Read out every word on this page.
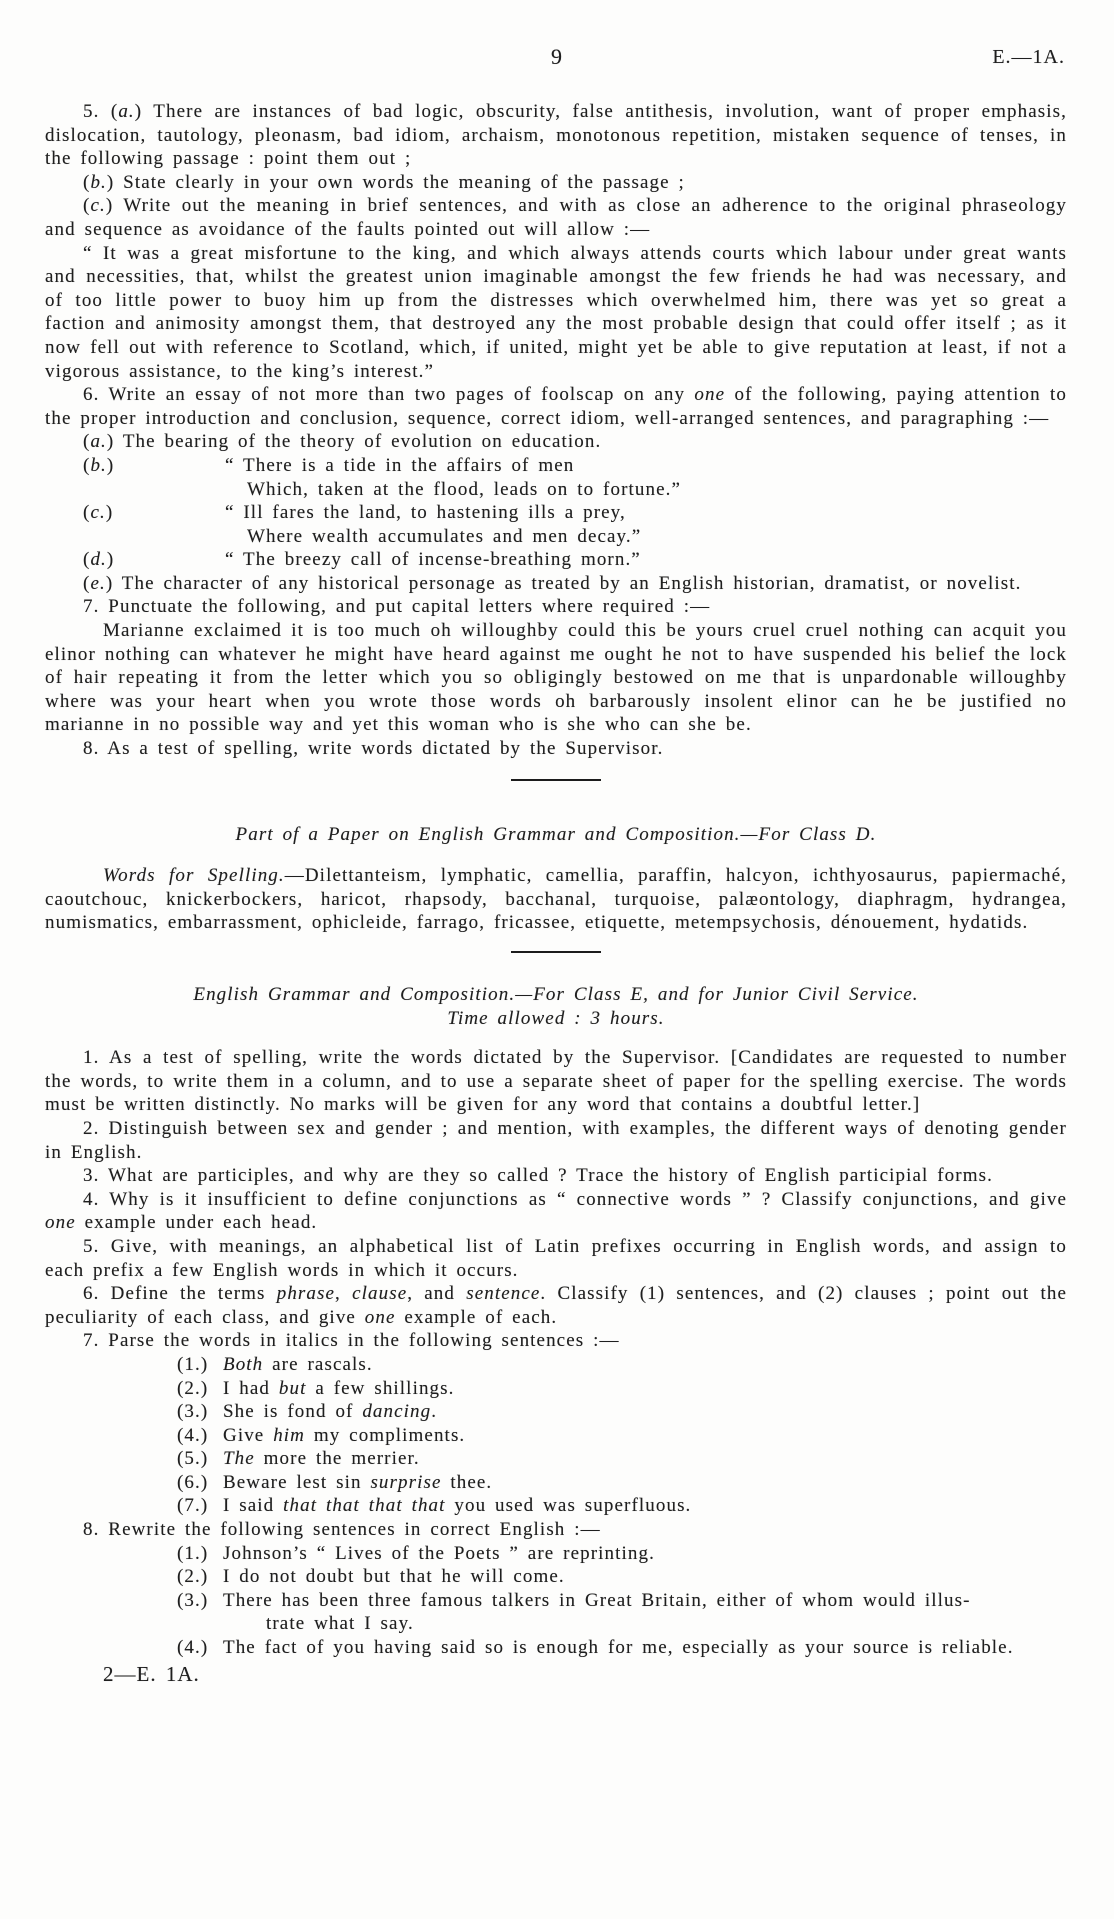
9	E.—1A.

5. (a.) There are instances of bad logic, obscurity, false antithesis, involution, want of proper emphasis, dislocation, tautology, pleonasm, bad idiom, archaism, monotonous repetition, mistaken sequence of tenses, in the following passage : point them out ;

(b.) State clearly in your own words the meaning of the passage ;

(c.) Write out the meaning in brief sentences, and with as close an adherence to the original phraseology and sequence as avoidance of the faults pointed out will allow :—

“ It was a great misfortune to the king, and which always attends courts which labour under great wants and necessities, that, whilst the greatest union imaginable amongst the few friends he had was necessary, and of too little power to buoy him up from the distresses which overwhelmed him, there was yet so great a faction and animosity amongst them, that destroyed any the most probable design that could offer itself ; as it now fell out with reference to Scotland, which, if united, might yet be able to give reputation at least, if not a vigorous assistance, to the king’s interest.”

6. Write an essay of not more than two pages of foolscap on any one of the following, paying attention to the proper introduction and conclusion, sequence, correct idiom, well-arranged sentences, and paragraphing :—

(a.) The bearing of the theory of evolution on education.

(b.)	“ There is a tide in the affairs of men
Which, taken at the flood, leads on to fortune.”
(c.)	“ Ill fares the land, to hastening ills a prey,
Where wealth accumulates and men decay.”
(d.)	“ The breezy call of incense-breathing morn.”

(e.) The character of any historical personage as treated by an English historian, dramatist, or novelist.

7. Punctuate the following, and put capital letters where required :—

Marianne exclaimed it is too much oh willoughby could this be yours cruel cruel nothing can acquit you elinor nothing can whatever he might have heard against me ought he not to have suspended his belief the lock of hair repeating it from the letter which you so obligingly bestowed on me that is unpardonable willoughby where was your heart when you wrote those words oh barbarously insolent elinor can he be justified no marianne in no possible way and yet this woman who is she who can she be.

8. As a test of spelling, write words dictated by the Supervisor.

Part of a Paper on English Grammar and Composition.—For Class D.

Words for Spelling.—Dilettanteism, lymphatic, camellia, paraffin, halcyon, ichthyosaurus, papiermaché, caoutchouc, knickerbockers, haricot, rhapsody, bacchanal, turquoise, palæontology, diaphragm, hydrangea, numismatics, embarrassment, ophicleide, farrago, fricassee, etiquette, metempsychosis, dénouement, hydatids.

English Grammar and Composition.—For Class E, and for Junior Civil Service.
Time allowed : 3 hours.

1. As a test of spelling, write the words dictated by the Supervisor. [Candidates are requested to number the words, to write them in a column, and to use a separate sheet of paper for the spelling exercise. The words must be written distinctly. No marks will be given for any word that contains a doubtful letter.]

2. Distinguish between sex and gender ; and mention, with examples, the different ways of denoting gender in English.

3. What are participles, and why are they so called ? Trace the history of English participial forms.

4. Why is it insufficient to define conjunctions as “ connective words ” ? Classify conjunctions, and give one example under each head.

5. Give, with meanings, an alphabetical list of Latin prefixes occurring in English words, and assign to each prefix a few English words in which it occurs.

6. Define the terms phrase, clause, and sentence. Classify (1) sentences, and (2) clauses ; point out the peculiarity of each class, and give one example of each.

7. Parse the words in italics in the following sentences :—

(1.) Both are rascals.
(2.) I had but a few shillings.
(3.) She is fond of dancing.
(4.) Give him my compliments.
(5.) The more the merrier.
(6.) Beware lest sin surprise thee.
(7.) I said that that that that you used was superfluous.

8. Rewrite the following sentences in correct English :—

(1.) Johnson’s “ Lives of the Poets ” are reprinting.
(2.) I do not doubt but that he will come.
(3.) There has been three famous talkers in Great Britain, either of whom would illus-
trate what I say.
(4.) The fact of you having said so is enough for me, especially as your source is reliable.
2—E. 1A.
